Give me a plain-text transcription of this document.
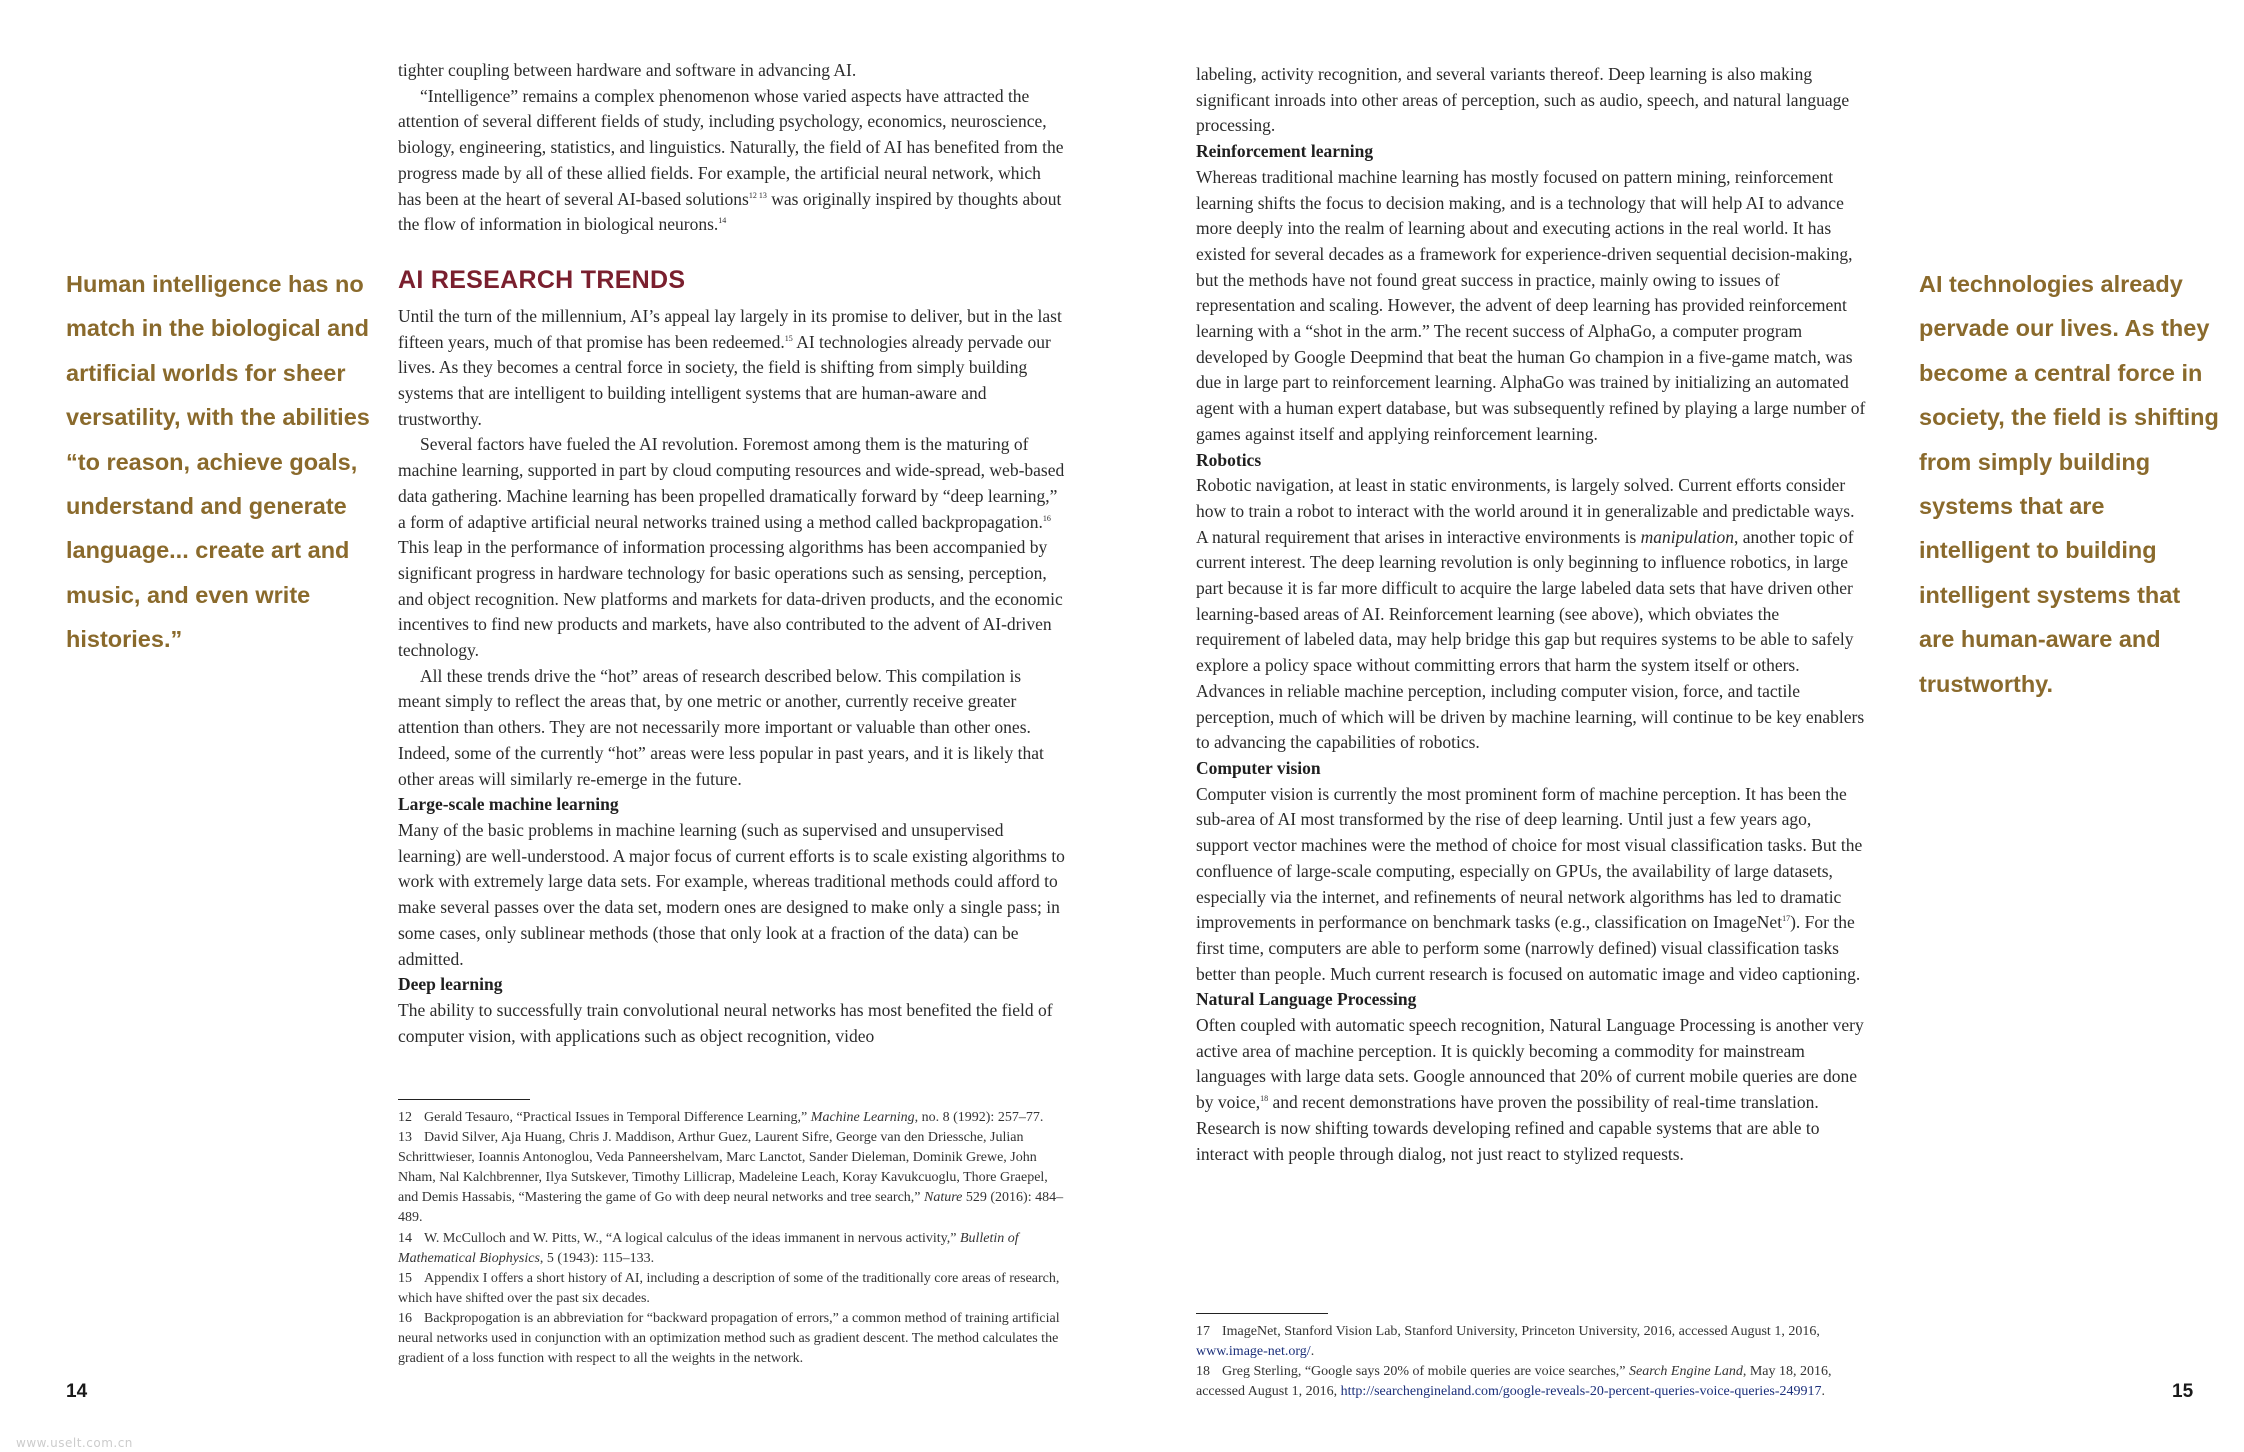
Human intelligence has no match in the biological and artificial worlds for sheer versatility, with the abilities “to reason, achieve goals, understand and generate language... create art and music, and even write histories.”

tighter coupling between hardware and software in advancing AI.

“Intelligence” remains a complex phenomenon whose varied aspects have attracted the attention of several different fields of study, including psychology, economics, neuroscience, biology, engineering, statistics, and linguistics. Naturally, the field of AI has benefited from the progress made by all of these allied fields. For example, the artificial neural network, which has been at the heart of several AI-based solutions$^{12 13}$ was originally inspired by thoughts about the flow of information in biological neurons.$^{14}$

AI RESEARCH TRENDS

Until the turn of the millennium, AI’s appeal lay largely in its promise to deliver, but in the last fifteen years, much of that promise has been redeemed.$^{15}$ AI technologies already pervade our lives. As they becomes a central force in society, the field is shifting from simply building systems that are intelligent to building intelligent systems that are human-aware and trustworthy.

Several factors have fueled the AI revolution. Foremost among them is the maturing of machine learning, supported in part by cloud computing resources and wide-spread, web-based data gathering. Machine learning has been propelled dramatically forward by “deep learning,” a form of adaptive artificial neural networks trained using a method called backpropagation.$^{16}$ This leap in the performance of information processing algorithms has been accompanied by significant progress in hardware technology for basic operations such as sensing, perception, and object recognition. New platforms and markets for data-driven products, and the economic incentives to find new products and markets, have also contributed to the advent of AI-driven technology.

All these trends drive the “hot” areas of research described below. This compilation is meant simply to reflect the areas that, by one metric or another, currently receive greater attention than others. They are not necessarily more important or valuable than other ones. Indeed, some of the currently “hot” areas were less popular in past years, and it is likely that other areas will similarly re-emerge in the future.

Large-scale machine learning

Many of the basic problems in machine learning (such as supervised and unsupervised learning) are well-understood. A major focus of current efforts is to scale existing algorithms to work with extremely large data sets. For example, whereas traditional methods could afford to make several passes over the data set, modern ones are designed to make only a single pass; in some cases, only sublinear methods (those that only look at a fraction of the data) can be admitted.

Deep learning

The ability to successfully train convolutional neural networks has most benefited the field of computer vision, with applications such as object recognition, video

12 Gerald Tesauro, “Practical Issues in Temporal Difference Learning,” Machine Learning, no. 8 (1992): 257–77.

13 David Silver, Aja Huang, Chris J. Maddison, Arthur Guez, Laurent Sifre, George van den Driessche, Julian Schrittwieser, Ioannis Antonoglou, Veda Panneershelvam, Marc Lanctot, Sander Dieleman, Dominik Grewe, John Nham, Nal Kalchbrenner, Ilya Sutskever, Timothy Lillicrap, Madeleine Leach, Koray Kavukcuoglu, Thore Graepel, and Demis Hassabis, “Mastering the game of Go with deep neural networks and tree search,” Nature 529 (2016): 484–489.

14 W. McCulloch and W. Pitts, W., “A logical calculus of the ideas immanent in nervous activity,” Bulletin of Mathematical Biophysics, 5 (1943): 115–133.

15 Appendix I offers a short history of AI, including a description of some of the traditionally core areas of research, which have shifted over the past six decades.

16 Backpropogation is an abbreviation for “backward propagation of errors,” a common method of training artificial neural networks used in conjunction with an optimization method such as gradient descent. The method calculates the gradient of a loss function with respect to all the weights in the network.

14

labeling, activity recognition, and several variants thereof. Deep learning is also making significant inroads into other areas of perception, such as audio, speech, and natural language processing.

Reinforcement learning

Whereas traditional machine learning has mostly focused on pattern mining, reinforcement learning shifts the focus to decision making, and is a technology that will help AI to advance more deeply into the realm of learning about and executing actions in the real world. It has existed for several decades as a framework for experience-driven sequential decision-making, but the methods have not found great success in practice, mainly owing to issues of representation and scaling. However, the advent of deep learning has provided reinforcement learning with a “shot in the arm.” The recent success of AlphaGo, a computer program developed by Google Deepmind that beat the human Go champion in a five-game match, was due in large part to reinforcement learning. AlphaGo was trained by initializing an automated agent with a human expert database, but was subsequently refined by playing a large number of games against itself and applying reinforcement learning.

Robotics

Robotic navigation, at least in static environments, is largely solved. Current efforts consider how to train a robot to interact with the world around it in generalizable and predictable ways. A natural requirement that arises in interactive environments is manipulation, another topic of current interest. The deep learning revolution is only beginning to influence robotics, in large part because it is far more difficult to acquire the large labeled data sets that have driven other learning-based areas of AI. Reinforcement learning (see above), which obviates the requirement of labeled data, may help bridge this gap but requires systems to be able to safely explore a policy space without committing errors that harm the system itself or others. Advances in reliable machine perception, including computer vision, force, and tactile perception, much of which will be driven by machine learning, will continue to be key enablers to advancing the capabilities of robotics.

Computer vision

Computer vision is currently the most prominent form of machine perception. It has been the sub-area of AI most transformed by the rise of deep learning. Until just a few years ago, support vector machines were the method of choice for most visual classification tasks. But the confluence of large-scale computing, especially on GPUs, the availability of large datasets, especially via the internet, and refinements of neural network algorithms has led to dramatic improvements in performance on benchmark tasks (e.g., classification on ImageNet$^{17}$). For the first time, computers are able to perform some (narrowly defined) visual classification tasks better than people. Much current research is focused on automatic image and video captioning.

Natural Language Processing

Often coupled with automatic speech recognition, Natural Language Processing is another very active area of machine perception. It is quickly becoming a commodity for mainstream languages with large data sets. Google announced that 20% of current mobile queries are done by voice,$^{18}$ and recent demonstrations have proven the possibility of real-time translation. Research is now shifting towards developing refined and capable systems that are able to interact with people through dialog, not just react to stylized requests.

17 ImageNet, Stanford Vision Lab, Stanford University, Princeton University, 2016, accessed August 1, 2016, www.image-net.org/.

18 Greg Sterling, “Google says 20% of mobile queries are voice searches,” Search Engine Land, May 18, 2016, accessed August 1, 2016, http://searchengineland.com/google-reveals-20-percent-queries-voice-queries-249917.

AI technologies already pervade our lives. As they become a central force in society, the field is shifting from simply building systems that are intelligent to building intelligent systems that are human-aware and trustworthy.
15
www.uselt.com.cn
